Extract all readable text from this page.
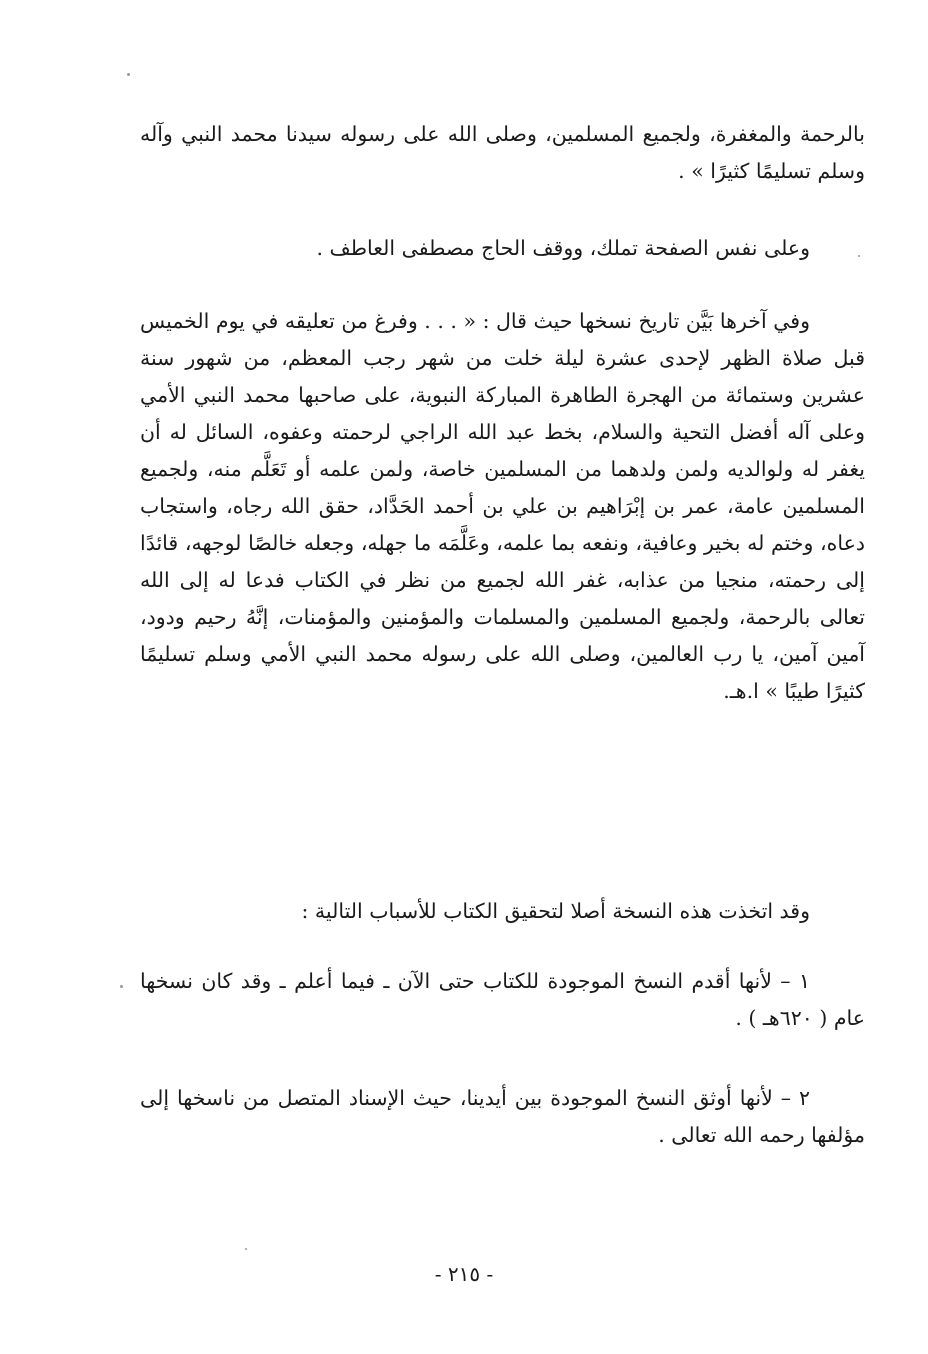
بالرحمة والمغفرة، ولجميع المسلمين، وصلى الله على رسوله سيدنا محمد النبي وآله وسلم تسليمًا كثيرًا » .

وعلى نفس الصفحة تملك، ووقف الحاج مصطفى العاطف .

وفي آخرها بَيَّن تاريخ نسخها حيث قال : « . . . وفرغ من تعليقه في يوم الخميس قبل صلاة الظهر لإحدى عشرة ليلة خلت من شهر رجب المعظم، من شهور سنة عشرين وستمائة من الهجرة الطاهرة المباركة النبوية، على صاحبها محمد النبي الأمي وعلى آله أفضل التحية والسلام، بخط عبد الله الراجي لرحمته وعفوه، السائل له أن يغفر له ولوالديه ولمن ولدهما من المسلمين خاصة، ولمن علمه أو تَعَلَّم منه، ولجميع المسلمين عامة، عمر بن إبْرَاهيم بن علي بن أحمد الحَدَّاد، حقق الله رجاه، واستجاب دعاه، وختم له بخير وعافية، ونفعه بما علمه، وعَلَّمَه ما جهله، وجعله خالصًا لوجهه، قائدًا إلى رحمته، منجيا من عذابه، غفر الله لجميع من نظر في الكتاب فدعا له إلى الله تعالى بالرحمة، ولجميع المسلمين والمسلمات والمؤمنين والمؤمنات، إنَّهُ رحيم ودود، آمين آمين، يا رب العالمين، وصلى الله على رسوله محمد النبي الأمي وسلم تسليمًا كثيرًا طيبًا » ا.هـ.

وقد اتخذت هذه النسخة أصلا لتحقيق الكتاب للأسباب التالية :

١ – لأنها أقدم النسخ الموجودة للكتاب حتى الآن ـ فيما أعلم ـ وقد كان نسخها عام ( ٦٢٠هـ ) .

٢ – لأنها أوثق النسخ الموجودة بين أيدينا، حيث الإسناد المتصل من ناسخها إلى مؤلفها رحمه الله تعالى .

- ٢١٥ -
